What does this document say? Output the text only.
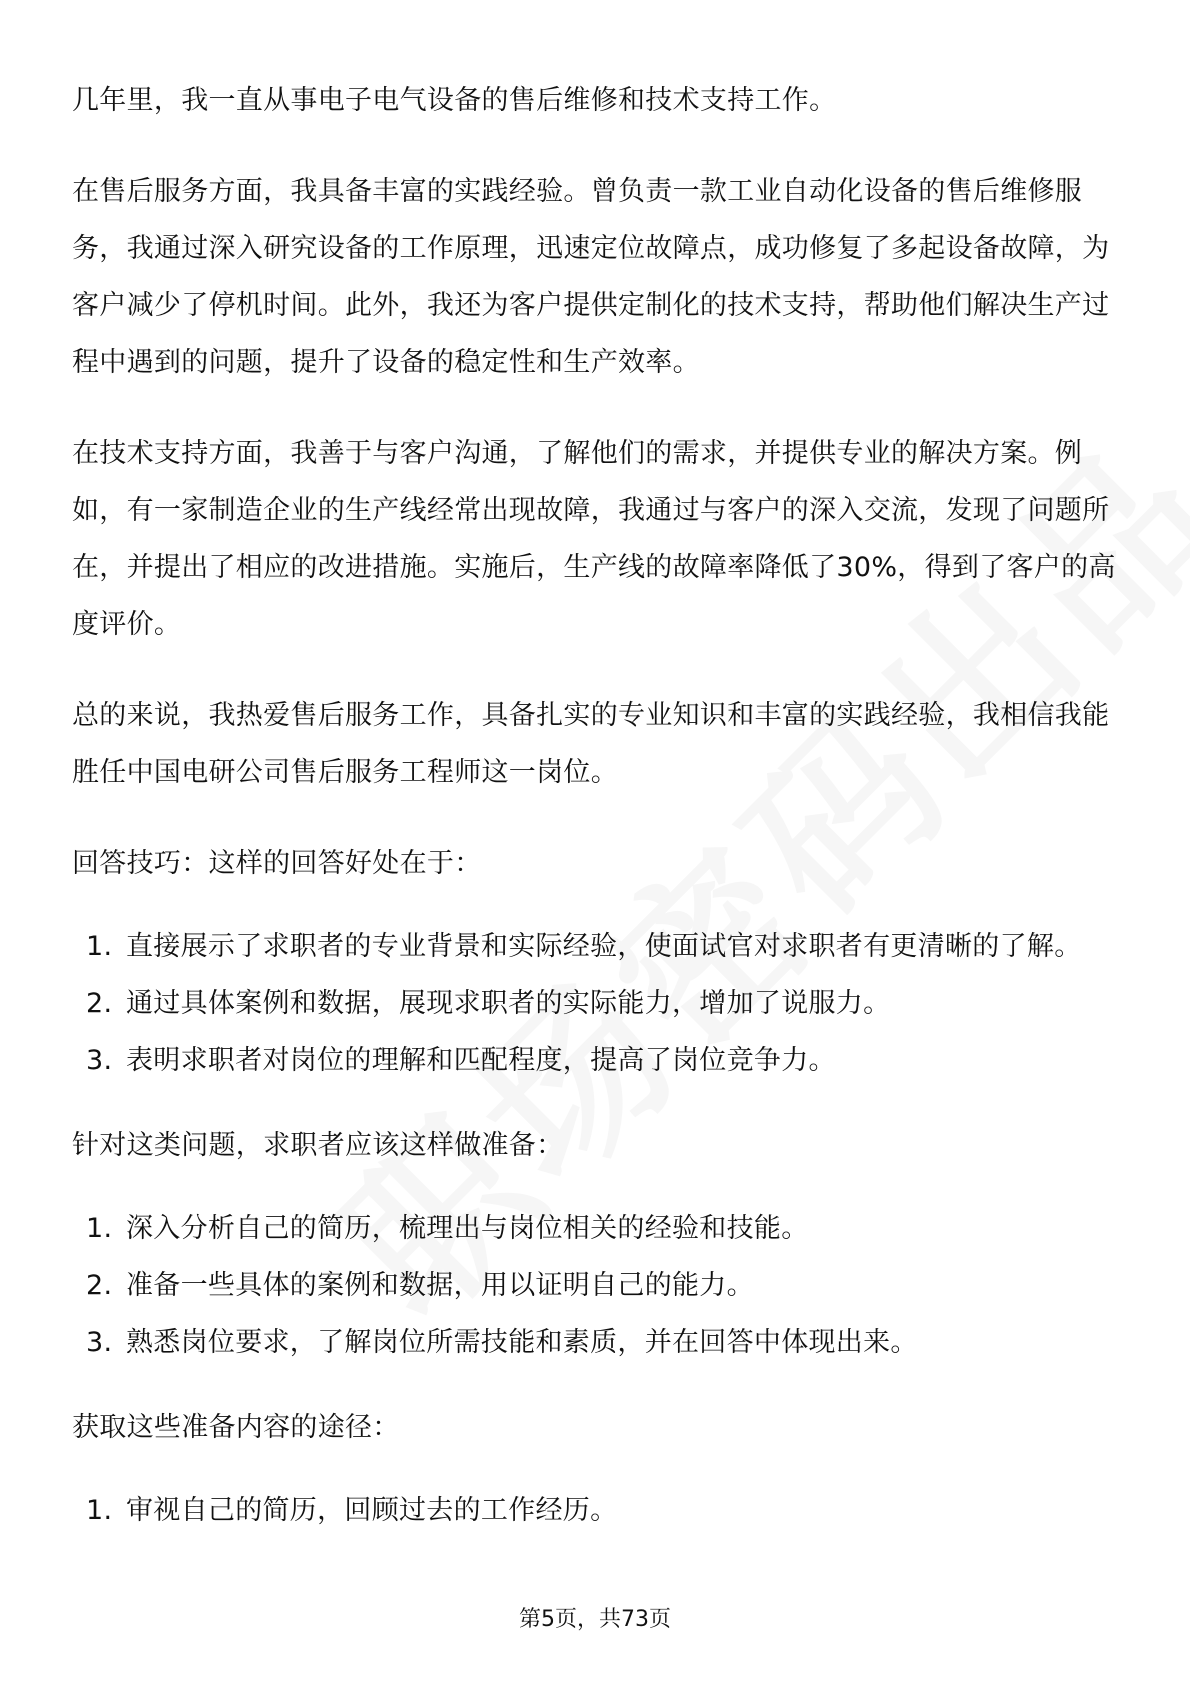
几年里，我一直从事电子电气设备的售后维修和技术支持工作。

在售后服务方面，我具备丰富的实践经验。曾负责一款工业自动化设备的售后维修服务，我通过深入研究设备的工作原理，迅速定位故障点，成功修复了多起设备故障，为客户减少了停机时间。此外，我还为客户提供定制化的技术支持，帮助他们解决生产过程中遇到的问题，提升了设备的稳定性和生产效率。

在技术支持方面，我善于与客户沟通，了解他们的需求，并提供专业的解决方案。例如，有一家制造企业的生产线经常出现故障，我通过与客户的深入交流，发现了问题所在，并提出了相应的改进措施。实施后，生产线的故障率降低了30%，得到了客户的高度评价。

总的来说，我热爱售后服务工作，具备扎实的专业知识和丰富的实践经验，我相信我能胜任中国电研公司售后服务工程师这一岗位。

回答技巧：这样的回答好处在于：

1. 直接展示了求职者的专业背景和实际经验，使面试官对求职者有更清晰的了解。
2. 通过具体案例和数据，展现求职者的实际能力，增加了说服力。
3. 表明求职者对岗位的理解和匹配程度，提高了岗位竞争力。

针对这类问题，求职者应该这样做准备：

1. 深入分析自己的简历，梳理出与岗位相关的经验和技能。
2. 准备一些具体的案例和数据，用以证明自己的能力。
3. 熟悉岗位要求，了解岗位所需技能和素质，并在回答中体现出来。

获取这些准备内容的途径：

1. 审视自己的简历，回顾过去的工作经历。
第5页，共73页
